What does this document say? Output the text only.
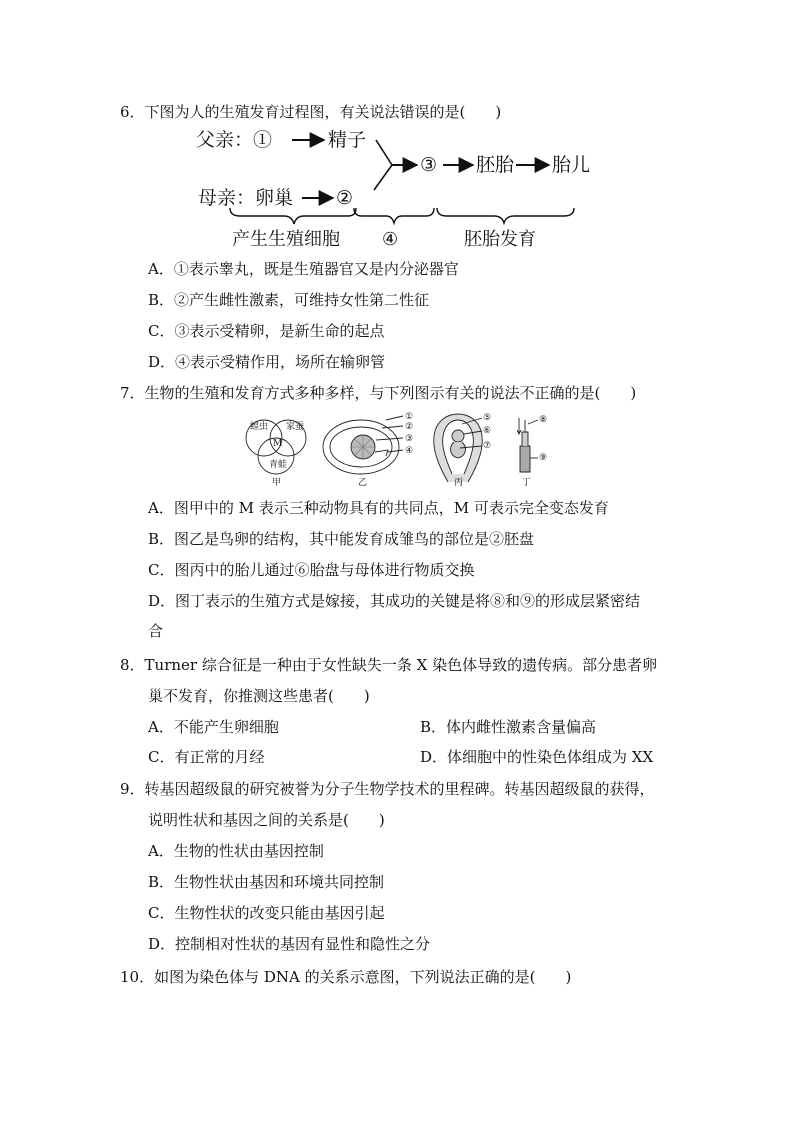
6．下图为人的生殖发育过程图，有关说法错误的是(　　)
父亲：①	精子
母亲：卵巢 ②
③ 胚胎 胎儿
产生生殖细胞 ④	胚胎发育
A．①表示睾丸，既是生殖器官又是内分泌器官
B．②产生雌性激素，可维持女性第二性征
C．③表示受精卵，是新生命的起点
D．④表示受精作用，场所在输卵管
7．生物的生殖和发育方式多种多样，与下列图示有关的说法不正确的是(　　)
蝗虫 家蚕
青蛙
M
①
②
③
④
⑤
⑥
⑦
⑧
⑨
甲	乙	丙	丁
A．图甲中的 M 表示三种动物具有的共同点，M 可表示完全变态发育
B．图乙是鸟卵的结构，其中能发育成雏鸟的部位是②胚盘
C．图丙中的胎儿通过⑥胎盘与母体进行物质交换
D．图丁表示的生殖方式是嫁接，其成功的关键是将⑧和⑨的形成层紧密结
合
8．Turner 综合征是一种由于女性缺失一条 X 染色体导致的遗传病。部分患者卵
巢不发育，你推测这些患者(　　)
A．不能产生卵细胞	B．体内雌性激素含量偏高
C．有正常的月经	D．体细胞中的性染色体组成为 XX
9．转基因超级鼠的研究被誉为分子生物学技术的里程碑。转基因超级鼠的获得，
说明性状和基因之间的关系是(　　)
A．生物的性状由基因控制
B．生物性状由基因和环境共同控制
C．生物性状的改变只能由基因引起
D．控制相对性状的基因有显性和隐性之分
10．如图为染色体与 DNA 的关系示意图，下列说法正确的是(　　)
